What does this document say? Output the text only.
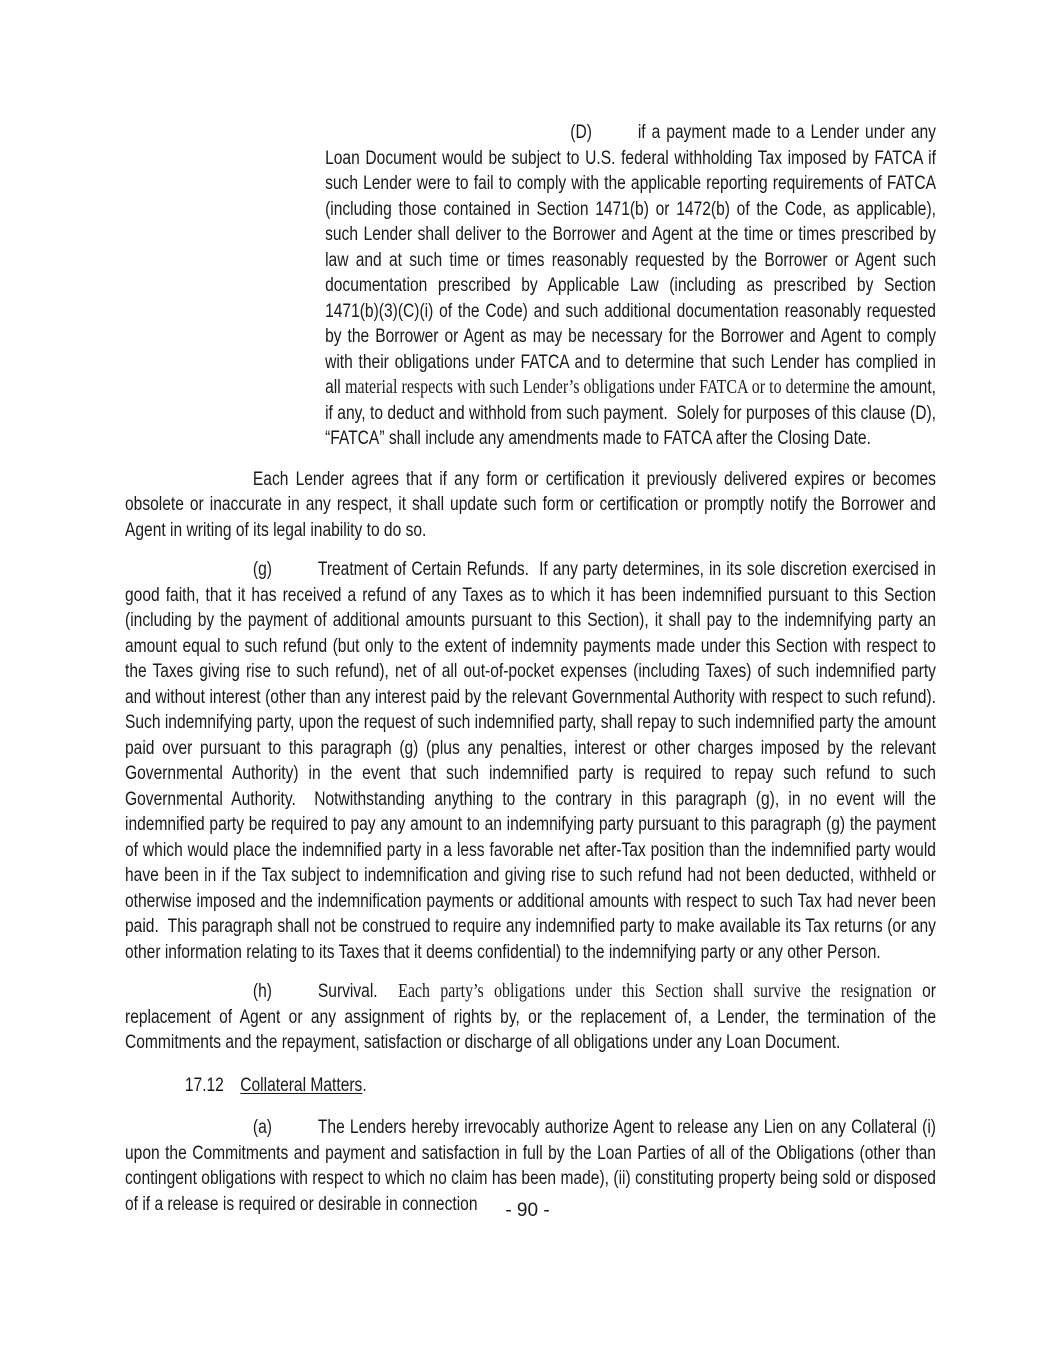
(D) if a payment made to a Lender under any Loan Document would be subject to U.S. federal withholding Tax imposed by FATCA if such Lender were to fail to comply with the applicable reporting requirements of FATCA (including those contained in Section 1471(b) or 1472(b) of the Code, as applicable), such Lender shall deliver to the Borrower and Agent at the time or times prescribed by law and at such time or times reasonably requested by the Borrower or Agent such documentation prescribed by Applicable Law (including as prescribed by Section 1471(b)(3)(C)(i) of the Code) and such additional documentation reasonably requested by the Borrower or Agent as may be necessary for the Borrower and Agent to comply with their obligations under FATCA and to determine that such Lender has complied in all material respects with such Lender’s obligations under FATCA or to determine the amount, if any, to deduct and withhold from such payment.  Solely for purposes of this clause (D), “FATCA” shall include any amendments made to FATCA after the Closing Date.

Each Lender agrees that if any form or certification it previously delivered expires or becomes obsolete or inaccurate in any respect, it shall update such form or certification or promptly notify the Borrower and Agent in writing of its legal inability to do so.

(g) Treatment of Certain Refunds.  If any party determines, in its sole discretion exercised in good faith, that it has received a refund of any Taxes as to which it has been indemnified pursuant to this Section (including by the payment of additional amounts pursuant to this Section), it shall pay to the indemnifying party an amount equal to such refund (but only to the extent of indemnity payments made under this Section with respect to the Taxes giving rise to such refund), net of all out-of-pocket expenses (including Taxes) of such indemnified party and without interest (other than any interest paid by the relevant Governmental Authority with respect to such refund).  Such indemnifying party, upon the request of such indemnified party, shall repay to such indemnified party the amount paid over pursuant to this paragraph (g) (plus any penalties, interest or other charges imposed by the relevant Governmental Authority) in the event that such indemnified party is required to repay such refund to such Governmental Authority.  Notwithstanding anything to the contrary in this paragraph (g), in no event will the indemnified party be required to pay any amount to an indemnifying party pursuant to this paragraph (g) the payment of which would place the indemnified party in a less favorable net after-Tax position than the indemnified party would have been in if the Tax subject to indemnification and giving rise to such refund had not been deducted, withheld or otherwise imposed and the indemnification payments or additional amounts with respect to such Tax had never been paid.  This paragraph shall not be construed to require any indemnified party to make available its Tax returns (or any other information relating to its Taxes that it deems confidential) to the indemnifying party or any other Person.

(h) Survival.  Each party’s obligations under this Section shall survive the resignation or replacement of Agent or any assignment of rights by, or the replacement of, a Lender, the termination of the Commitments and the repayment, satisfaction or discharge of all obligations under any Loan Document.

17.12 Collateral Matters.

(a) The Lenders hereby irrevocably authorize Agent to release any Lien on any Collateral (i) upon the Commitments and payment and satisfaction in full by the Loan Parties of all of the Obligations (other than contingent obligations with respect to which no claim has been made), (ii) constituting property being sold or disposed of if a release is required or desirable in connection	- 90 -
